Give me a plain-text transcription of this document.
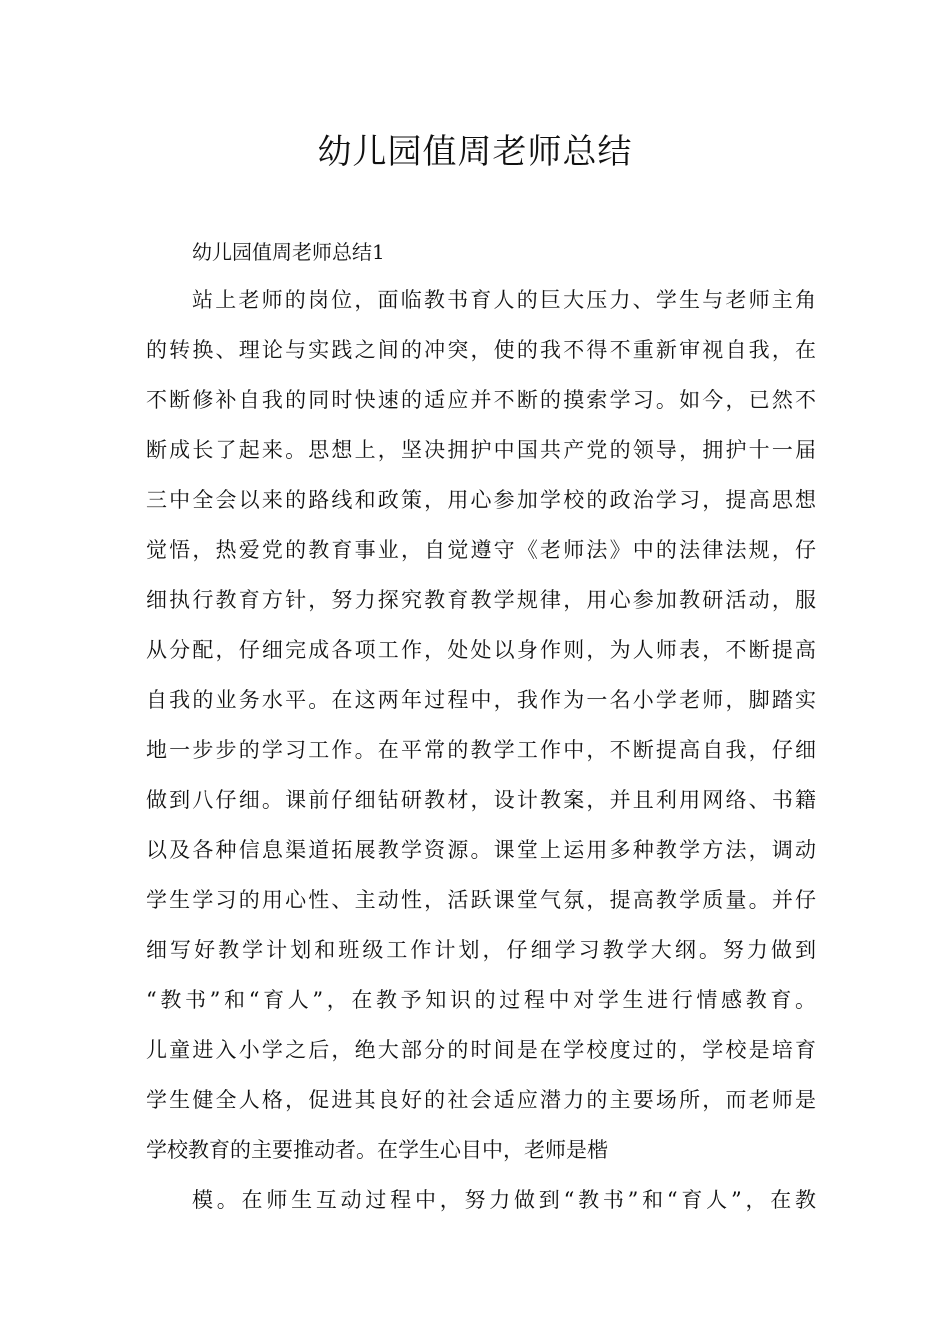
幼儿园值周老师总结

幼儿园值周老师总结1

站上老师的岗位，面临教书育人的巨大压力、学生与老师主角
的转换、理论与实践之间的冲突，使的我不得不重新审视自我，在
不断修补自我的同时快速的适应并不断的摸索学习。如今，已然不
断成长了起来。思想上，坚决拥护中国共产党的领导，拥护十一届
三中全会以来的路线和政策，用心参加学校的政治学习，提高思想
觉悟，热爱党的教育事业，自觉遵守《老师法》中的法律法规，仔
细执行教育方针，努力探究教育教学规律，用心参加教研活动，服
从分配，仔细完成各项工作，处处以身作则，为人师表，不断提高
自我的业务水平。在这两年过程中，我作为一名小学老师，脚踏实
地一步步的学习工作。在平常的教学工作中，不断提高自我，仔细
做到八仔细。课前仔细钻研教材，设计教案，并且利用网络、书籍
以及各种信息渠道拓展教学资源。课堂上运用多种教学方法，调动
学生学习的用心性、主动性，活跃课堂气氛，提高教学质量。并仔
细写好教学计划和班级工作计划，仔细学习教学大纲。努力做到
“教书”和“育人”，在教予知识的过程中对学生进行情感教育。
儿童进入小学之后，绝大部分的时间是在学校度过的，学校是培育
学生健全人格，促进其良好的社会适应潜力的主要场所，而老师是
学校教育的主要推动者。在学生心目中，老师是楷

模。在师生互动过程中，努力做到“教书”和“育人”，在教
